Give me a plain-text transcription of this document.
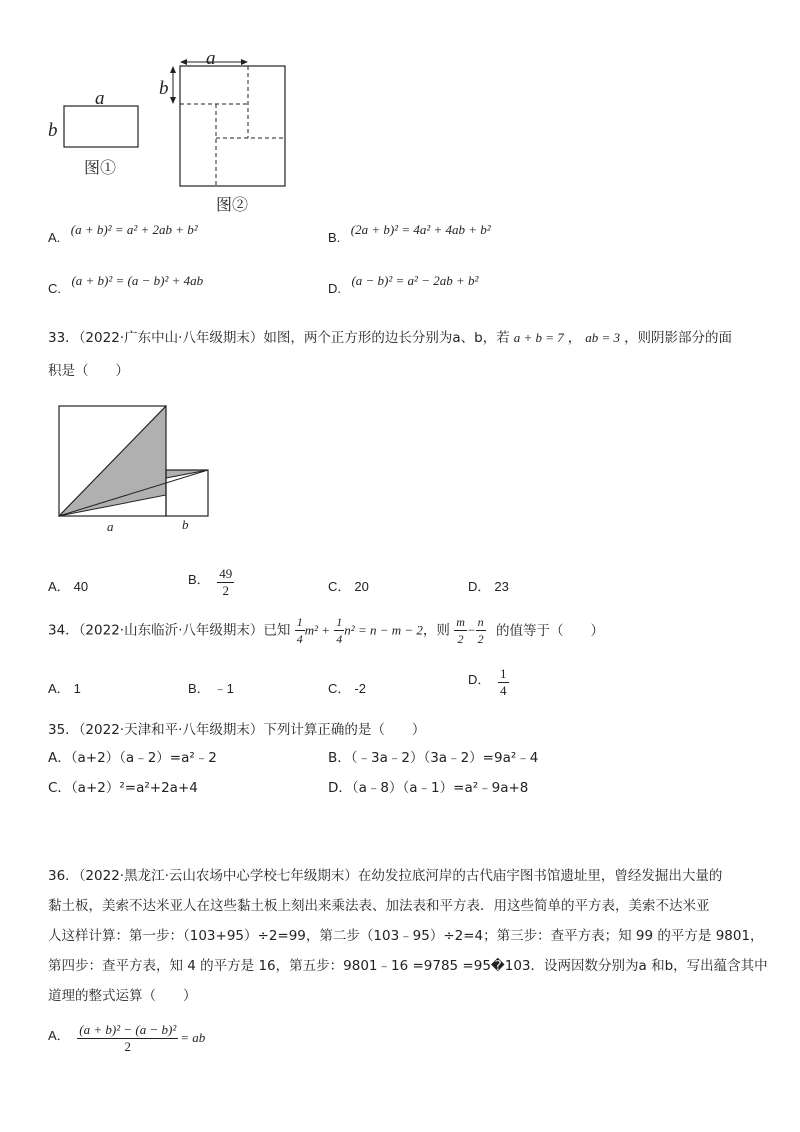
a
b
图①
a
b
图②
A. (a + b)² = a² + 2ab + b²
B. (2a + b)² = 4a² + 4ab + b²
C. (a + b)² = (a − b)² + 4ab
D. (a − b)² = a² − 2ab + b²
33．（2022·广东中山·八年级期末）如图，两个正方形的边长分别为a、b，若 a + b = 7 ， ab = 3 ，则阴影部分的面
积是（　　）
a	b
A． 40	B． $\frac{49}{2}$	C． 20	D． 23
34．（2022·山东临沂·八年级期末）已知 $\frac{1}{4} m^2 + \frac{1}{4} n^2 = n - m - 2$，则 $\frac{m}{2} - \frac{n}{2}$ 的值等于（　　）
A． 1	B． ﹣1	C． -2
D． $\frac{1}{4}$
35．（2022·天津和平·八年级期末）下列计算正确的是（　　）
A．（a+2）（a﹣2）=a²﹣2	B．（﹣3a﹣2）（3a﹣2）=9a²﹣4
C．（a+2）²=a²+2a+4	D．（a﹣8）（a﹣1）=a²﹣9a+8
36．（2022·黑龙江·云山农场中心学校七年级期末）在幼发拉底河岸的古代庙宇图书馆遗址里，曾经发掘出大量的
黏土板，美索不达米亚人在这些黏土板上刻出来乘法表、加法表和平方表．用这些简单的平方表，美索不达米亚
人这样计算：第一步：（103+95）÷2=99，第二步（103﹣95）÷2=4；第三步：查平方表；知 99 的平方是 9801，
第四步：查平方表，知 4 的平方是 16，第五步：9801﹣16 =9785 =95�103．设两因数分别为a 和b，写出蕴含其中
道理的整式运算（　　）
A． $\frac{\text{(a + b)² − (a − b)²}}{2}$ = ab
